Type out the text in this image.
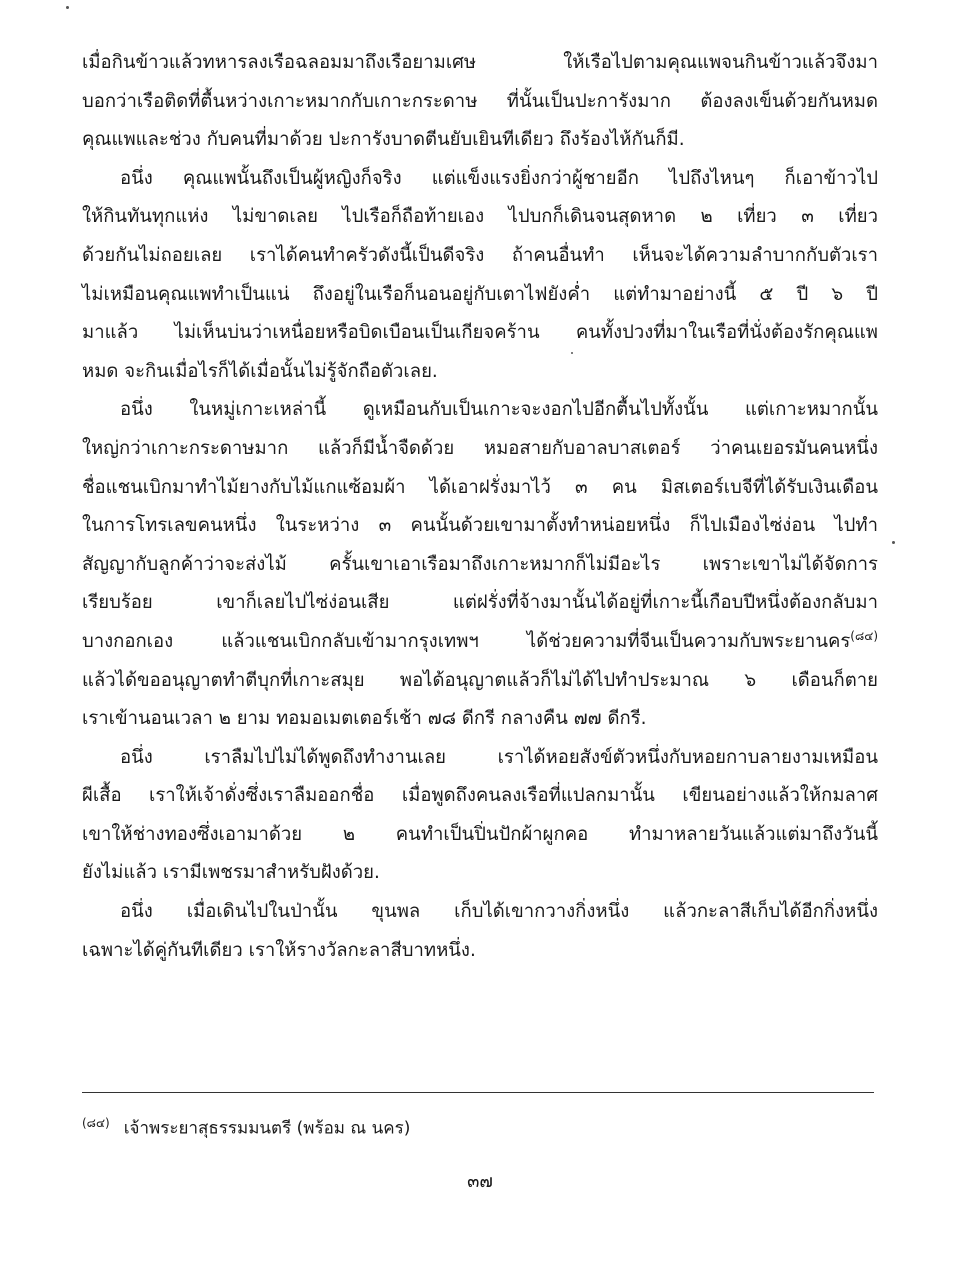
เมื่อกินข้าวแล้วทหารลงเรือฉลอมมาถึงเรือยามเศษ ให้เรือไปตามคุณแพจนกินข้าวแล้วจึงมา
บอกว่าเรือติดที่ตื้นหว่างเกาะหมากกับเกาะกระดาษ ที่นั้นเป็นปะการังมาก ต้องลงเข็นด้วยกันหมด
คุณแพและช่วง กับคนที่มาด้วย ปะการังบาดตีนยับเยินทีเดียว ถึงร้องไห้กันก็มี.

อนึ่ง คุณแพนั้นถึงเป็นผู้หญิงก็จริง แต่แข็งแรงยิ่งกว่าผู้ชายอีก ไปถึงไหนๆ ก็เอาข้าวไป
ให้กินทันทุกแห่ง ไม่ขาดเลย ไปเรือก็ถือท้ายเอง ไปบกก็เดินจนสุดหาด ๒ เที่ยว ๓ เที่ยว
ด้วยกันไม่ถอยเลย เราได้คนทำครัวดังนี้เป็นดีจริง ถ้าคนอื่นทำ เห็นจะได้ความลำบากกับตัวเรา
ไม่เหมือนคุณแพทำเป็นแน่ ถึงอยู่ในเรือก็นอนอยู่กับเตาไฟยังค่ำ แต่ทำมาอย่างนี้ ๕ ปี ๖ ปี
มาแล้ว ไม่เห็นบ่นว่าเหนื่อยหรือบิดเบือนเป็นเกียจคร้าน คนทั้งปวงที่มาในเรือที่นั่งต้องรักคุณแพ
หมด จะกินเมื่อไรก็ได้เมื่อนั้นไม่รู้จักถือตัวเลย.

อนึ่ง ในหมู่เกาะเหล่านี้ ดูเหมือนกับเป็นเกาะจะงอกไปอีกตื้นไปทั้งนั้น แต่เกาะหมากนั้น
ใหญ่กว่าเกาะกระดาษมาก แล้วก็มีน้ำจืดด้วย หมอสายกับอาลบาสเตอร์ ว่าคนเยอรมันคนหนึ่ง
ชื่อแชนเบิกมาทำไม้ยางกับไม้แกแซ้อมผ้า ได้เอาฝรั่งมาไว้ ๓ คน มิสเตอร์เบจีที่ได้รับเงินเดือน
ในการโทรเลขคนหนึ่ง ในระหว่าง ๓ คนนั้นด้วยเขามาตั้งทำหน่อยหนึ่ง ก็ไปเมืองไซ่ง่อน ไปทำ
สัญญากับลูกค้าว่าจะส่งไม้ ครั้นเขาเอาเรือมาถึงเกาะหมากก็ไม่มีอะไร เพราะเขาไม่ได้จัดการ
เรียบร้อย เขาก็เลยไปไซ่ง่อนเสีย แต่ฝรั่งที่จ้างมานั้นได้อยู่ที่เกาะนี้เกือบปีหนึ่งต้องกลับมา
บางกอกเอง แล้วแชนเบิกกลับเข้ามากรุงเทพฯ ได้ช่วยความที่จีนเป็นความกับพระยานคร$^{(๘๔)}$
แล้วได้ขออนุญาตทำตีบุกที่เกาะสมุย พอได้อนุญาตแล้วก็ไม่ได้ไปทำประมาณ ๖ เดือนก็ตาย
เราเข้านอนเวลา ๒ ยาม ทอมอเมตเตอร์เช้า ๗๘ ดีกรี กลางคืน ๗๗ ดีกรี.

อนึ่ง เราลืมไปไม่ได้พูดถึงทำงานเลย เราได้หอยสังข์ตัวหนึ่งกับหอยกาบลายงามเหมือน
ผีเสื้อ เราให้เจ้าดั่งซึ่งเราลืมออกชื่อ เมื่อพูดถึงคนลงเรือที่แปลกมานั้น เขียนอย่างแล้วให้กมลาศ
เขาให้ช่างทองซึ่งเอามาด้วย ๒ คนทำเป็นปิ่นปักผ้าผูกคอ ทำมาหลายวันแล้วแต่มาถึงวันนี้
ยังไม่แล้ว เรามีเพชรมาสำหรับฝังด้วย.

อนึ่ง เมื่อเดินไปในป่านั้น ขุนพล เก็บได้เขากวางกิ่งหนึ่ง แล้วกะลาสีเก็บได้อีกกิ่งหนึ่ง
เฉพาะได้คู่กันทีเดียว เราให้รางวัลกะลาสีบาทหนึ่ง.

$^{(๘๔)}$ เจ้าพระยาสุธรรมมนตรี (พร้อม ณ นคร)
๓๗
